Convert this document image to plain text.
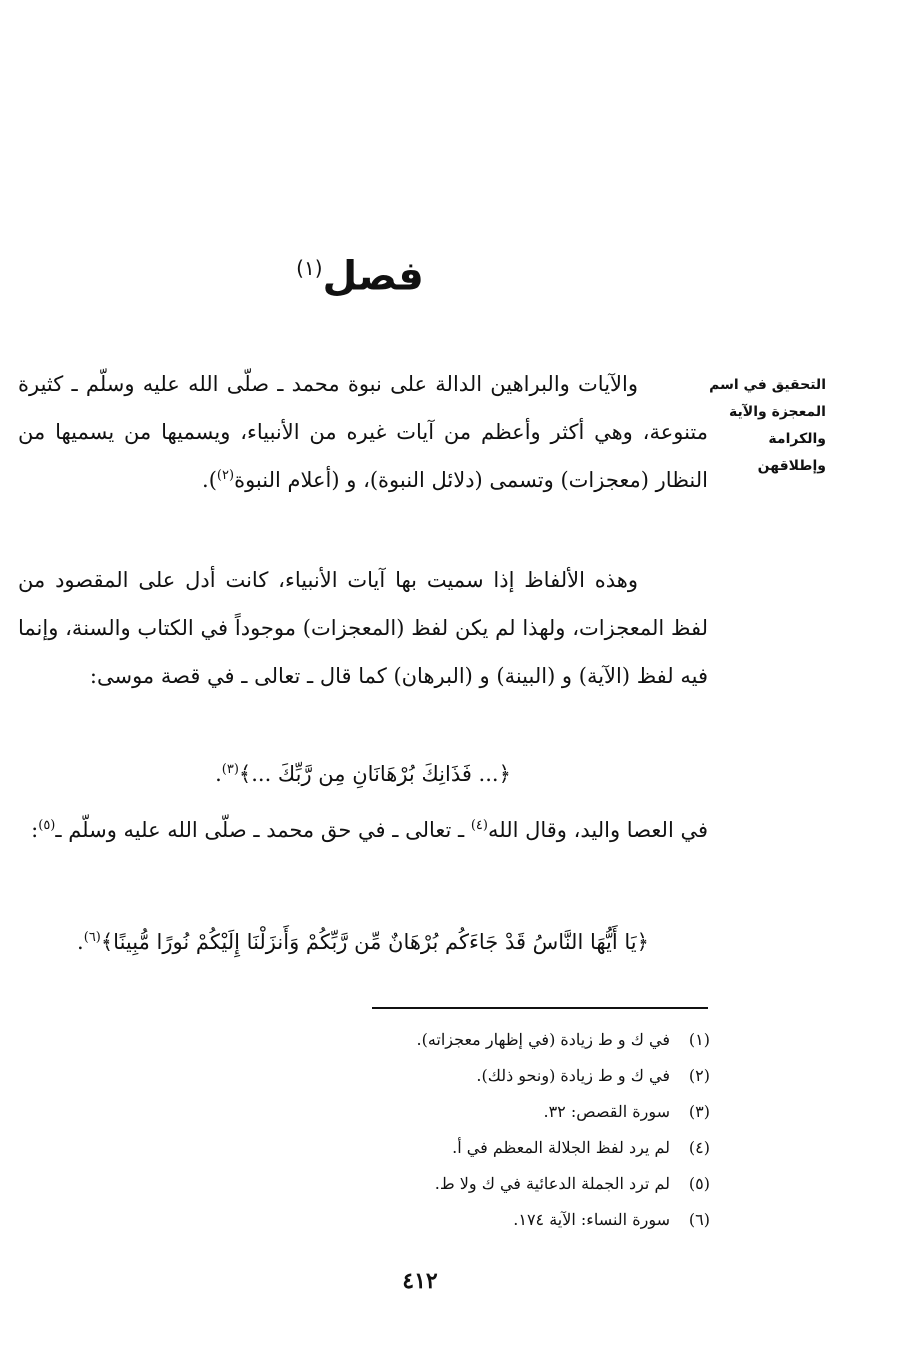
فصل$^{(١)}$
التحقيق في اسم
المعجزة والآية
والكرامة
وإطلاقهن
والآيات والبراهين الدالة على نبوة محمد ـ صلّى الله عليه وسلّم ـ كثيرة متنوعة، وهي أكثر وأعظم من آيات غيره من الأنبياء، ويسميها من يسميها من النظار (معجزات) وتسمى (دلائل النبوة)، و (أعلام النبوة$^{(٢)}$).
وهذه الألفاظ إذا سميت بها آيات الأنبياء، كانت أدل على المقصود من لفظ المعجزات، ولهذا لم يكن لفظ (المعجزات) موجوداً في الكتاب والسنة، وإنما فيه لفظ (الآية) و (البينة) و (البرهان) كما قال ـ تعالى ـ في قصة موسى:
﴿... فَذَانِكَ بُرْهَانَانِ مِن رَّبِّكَ ...﴾$^{(٣)}$.
في العصا واليد، وقال الله$^{(٤)}$ ـ تعالى ـ في حق محمد ـ صلّى الله عليه وسلّم ـ$^{(٥)}$:
﴿يَا أَيُّهَا النَّاسُ قَدْ جَاءَكُم بُرْهَانٌ مِّن رَّبِّكُمْ وَأَنزَلْنَا إِلَيْكُمْ نُورًا مُّبِينًا﴾$^{(٦)}$.
(١)في ك و ط زيادة (في إظهار معجزاته).
(٢)في ك و ط زيادة (ونحو ذلك).
(٣)سورة القصص: ٣٢.
(٤)لم يرد لفظ الجلالة المعظم في أ.
(٥)لم ترد الجملة الدعائية في ك ولا ط.
(٦)سورة النساء: الآية ١٧٤.
٤١٢
